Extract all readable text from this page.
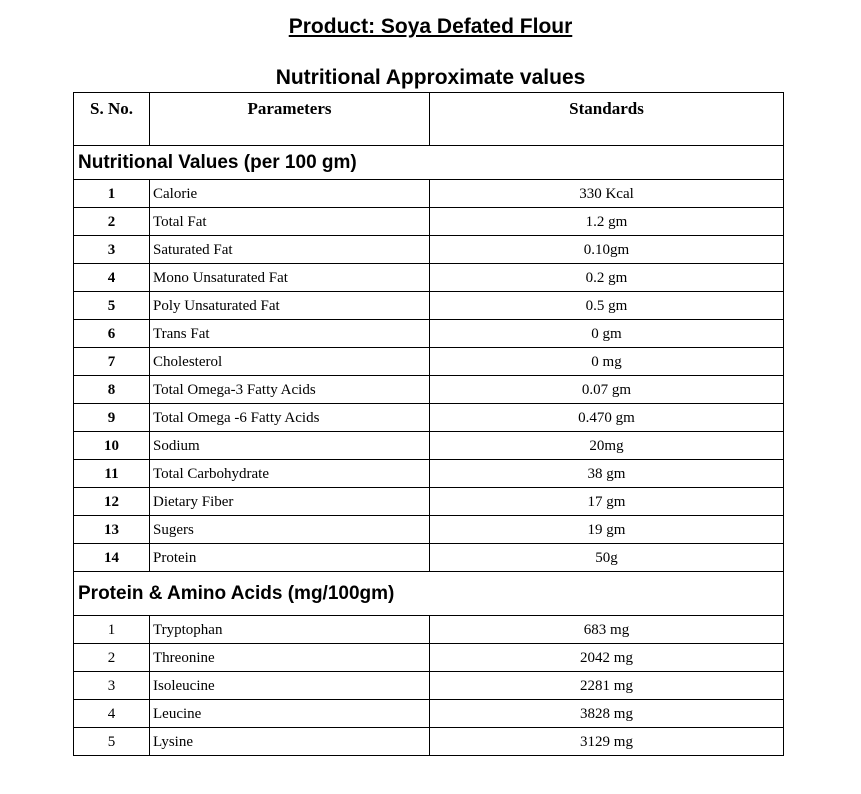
Product: Soya Defated Flour
Nutritional Approximate values
S. No.	Parameters	Standards
Nutritional Values (per 100 gm)		
1	Calorie	330 Kcal
2	Total Fat	1.2 gm
3	Saturated Fat	0.10gm
4	Mono Unsaturated Fat	0.2 gm
5	Poly Unsaturated Fat	0.5 gm
6	Trans Fat	0 gm
7	Cholesterol	0 mg
8	Total Omega-3 Fatty Acids	0.07 gm
9	Total Omega -6 Fatty Acids	0.470 gm
10	Sodium	20mg
11	Total Carbohydrate	38 gm
12	Dietary Fiber	17 gm
13	Sugers	19 gm
14	Protein	50g
Protein & Amino Acids (mg/100gm)		
1	Tryptophan	683 mg
2	Threonine	2042 mg
3	Isoleucine	2281 mg
4	Leucine	3828 mg
5	Lysine	3129 mg
